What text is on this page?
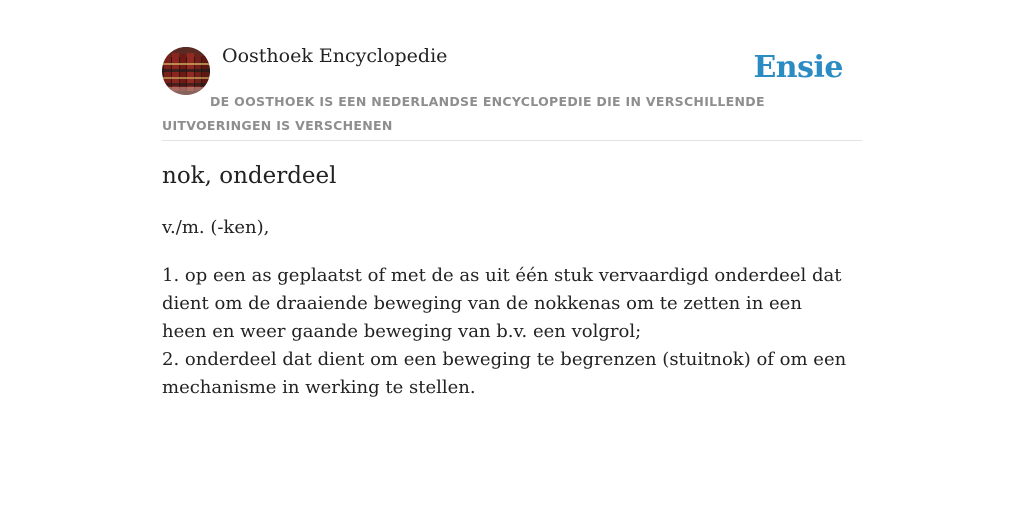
Oosthoek Encyclopedie	Ensie
DE OOSTHOEK IS EEN NEDERLANDSE ENCYCLOPEDIE DIE IN VERSCHILLENDE UITVOERINGEN IS VERSCHENEN
nok, onderdeel

v./m. (-ken),

1. op een as geplaatst of met de as uit één stuk vervaardigd onderdeel dat dient om de draaiende beweging van de nokkenas om te zetten in een heen en weer gaande beweging van b.v. een volgrol;
2. onderdeel dat dient om een beweging te begrenzen (stuitnok) of om een mechanisme in werking te stellen.
